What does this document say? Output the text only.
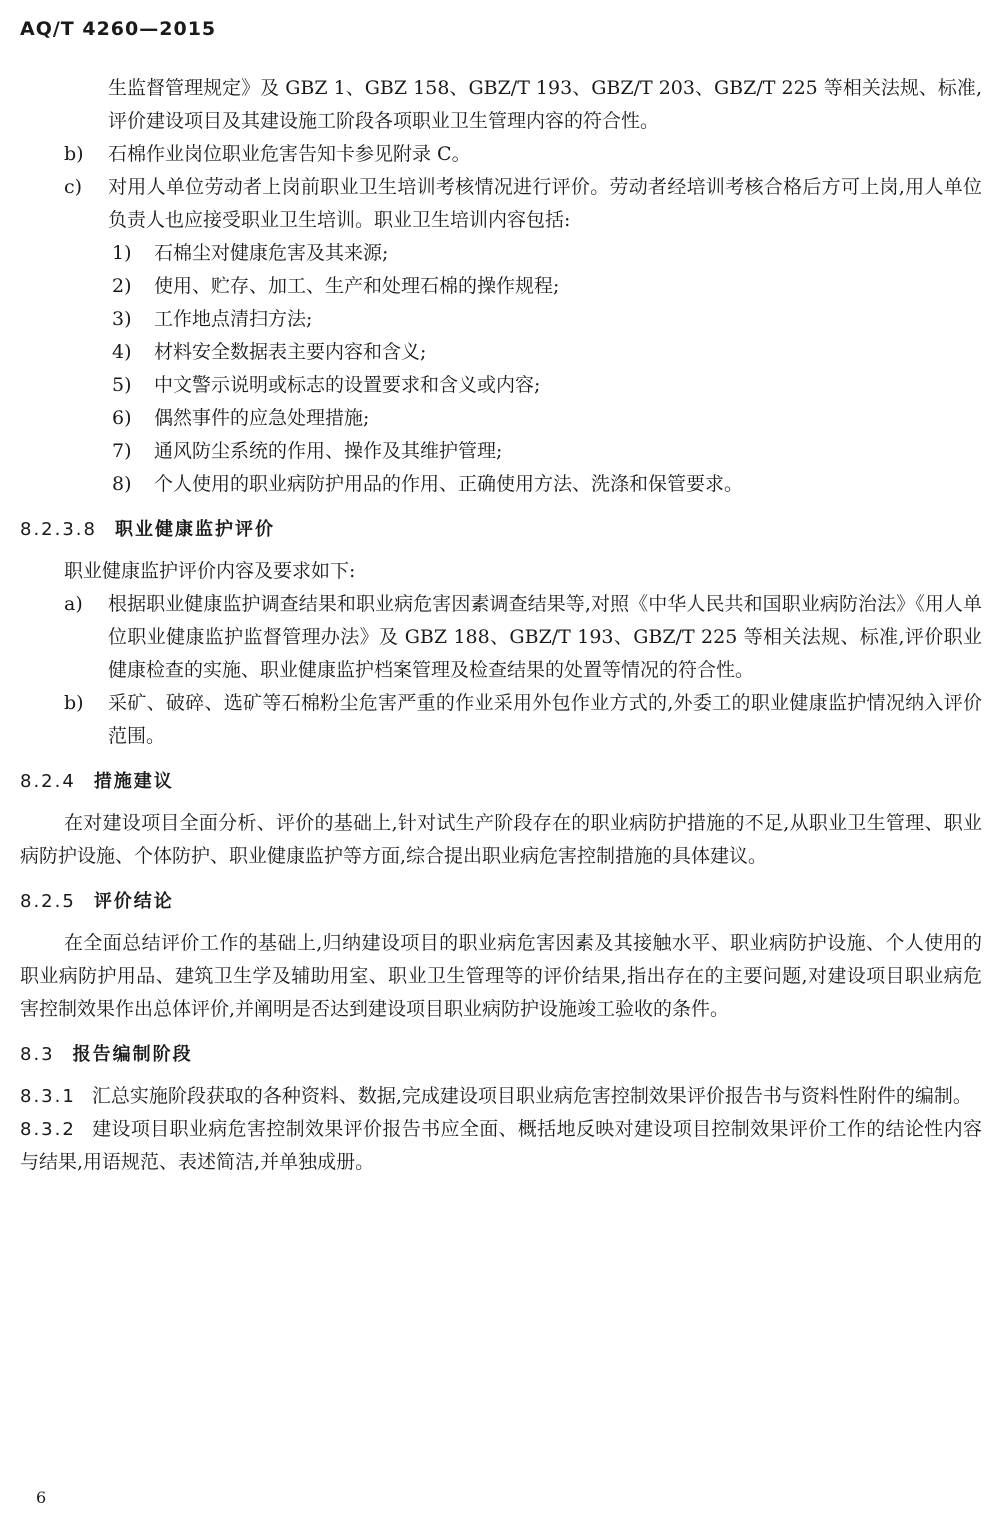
AQ/T 4260—2015

生监督管理规定》及 GBZ 1、GBZ 158、GBZ/T 193、GBZ/T 203、GBZ/T 225 等相关法规、标准,评价建设项目及其建设施工阶段各项职业卫生管理内容的符合性。

b) 石棉作业岗位职业危害告知卡参见附录 C。
c) 对用人单位劳动者上岗前职业卫生培训考核情况进行评价。劳动者经培训考核合格后方可上岗,用人单位负责人也应接受职业卫生培训。职业卫生培训内容包括:
1) 石棉尘对健康危害及其来源;
2) 使用、贮存、加工、生产和处理石棉的操作规程;
3) 工作地点清扫方法;
4) 材料安全数据表主要内容和含义;
5) 中文警示说明或标志的设置要求和含义或内容;
6) 偶然事件的应急处理措施;
7) 通风防尘系统的作用、操作及其维护管理;
8) 个人使用的职业病防护用品的作用、正确使用方法、洗涤和保管要求。
8.2.3.8 职业健康监护评价

职业健康监护评价内容及要求如下:

a) 根据职业健康监护调查结果和职业病危害因素调查结果等,对照《中华人民共和国职业病防治法》《用人单位职业健康监护监督管理办法》及 GBZ 188、GBZ/T 193、GBZ/T 225 等相关法规、标准,评价职业健康检查的实施、职业健康监护档案管理及检查结果的处置等情况的符合性。
b) 采矿、破碎、选矿等石棉粉尘危害严重的作业采用外包作业方式的,外委工的职业健康监护情况纳入评价范围。
8.2.4 措施建议

在对建设项目全面分析、评价的基础上,针对试生产阶段存在的职业病防护措施的不足,从职业卫生管理、职业病防护设施、个体防护、职业健康监护等方面,综合提出职业病危害控制措施的具体建议。

8.2.5 评价结论

在全面总结评价工作的基础上,归纳建设项目的职业病危害因素及其接触水平、职业病防护设施、个人使用的职业病防护用品、建筑卫生学及辅助用室、职业卫生管理等的评价结果,指出存在的主要问题,对建设项目职业病危害控制效果作出总体评价,并阐明是否达到建设项目职业病防护设施竣工验收的条件。

8.3 报告编制阶段

8.3.1 汇总实施阶段获取的各种资料、数据,完成建设项目职业病危害控制效果评价报告书与资料性附件的编制。

8.3.2 建设项目职业病危害控制效果评价报告书应全面、概括地反映对建设项目控制效果评价工作的结论性内容与结果,用语规范、表述简洁,并单独成册。

6
